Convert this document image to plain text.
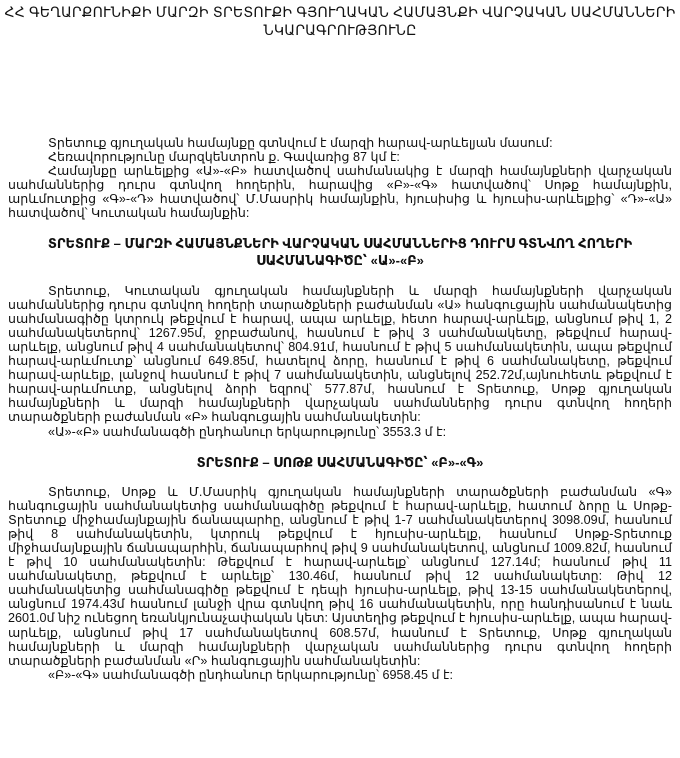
ՀՀ ԳԵՂԱՐՔՈՒՆԻՔԻ ՄԱՐԶԻ ՏՐԵՏՈՒՔԻ ԳՅՈՒՂԱԿԱՆ ՀԱՄԱՅՆՔԻ ՎԱՐՉԱԿԱՆ ՍԱՀՄԱՆՆԵՐԻ ՆԿԱՐԱԳՐՈՒԹՅՈՒՆԸ

Տրետուք գյուղական համայնքը գտնվում է մարզի հարավ-արևելյան մասում:

Հեռավորությունը մարզկենտրոն ք. Գավառից 87 կմ է:

Համայնքը արևելքից «Ա»-«Բ» հատվածով սահմանակից է մարզի համայնքների վարչական սահմաններից դուրս գտնվող հողերին, հարավից «Բ»-«Գ» հատվածով՝ Սոթք համայնքին, արևմուտքից «Գ»-«Դ» հատվածով՝ Մ.Մասրիկ համայնքին, հյուսիսից և հյուսիս-արևելքից՝ «Դ»-«Ա» հատվածով՝ Կուտական համայնքին:

ՏՐԵՏՈՒՔ – ՄԱՐԶԻ ՀԱՄԱՅՆՔՆԵՐԻ ՎԱՐՉԱԿԱՆ ՍԱՀՄԱՆՆԵՐԻՑ ԴՈՒՐՍ ԳՏՆՎՈՂ ՀՈՂԵՐԻ ՍԱՀՄԱՆԱԳԻԾԸ՝ «Ա»-«Բ»

Տրետուք, Կուտական գյուղական համայնքների և մարզի համայնքների վարչական սահմաններից դուրս գտնվող հողերի տարածքների բաժանման «Ա» հանգուցային սահմանակետից սահմանագիծը կտրուկ թեքվում է հարավ, ապա արևելք, հետո հարավ-արևելք, անցնում թիվ 1, 2 սահմանակետերով՝ 1267.95մ, ջրբաժանով, հասնում է թիվ 3 սահմանակետը, թեքվում հարավ-արևելք, անցնում թիվ 4 սահմանակետով՝ 804.91մ, հասնում է թիվ 5 սահմանակետին, ապա թեքվում հարավ-արևմուտք՝ անցնում 649.85մ, հատելով ձորը, հասնում է թիվ 6 սահմանակետը, թեքվում հարավ-արևելք, լանջով հասնում է թիվ 7 սահմանակետին, անցնելով 252.72մ,այնուհետև թեքվում է հարավ-արևմուտք, անցնելով ձորի եզրով՝ 577.87մ, հասնում է Տրետուք, Սոթք գյուղական համայնքների և մարզի համայնքների վարչական սահմաններից դուրս գտնվող հողերի տարածքների բաժանման «Բ» հանգուցային սահմանակետին:

«Ա»-«Բ» սահմանագծի ընդհանուր երկարությունը՝ 3553.3 մ է:

ՏՐԵՏՈՒՔ – ՍՈԹՔ ՍԱՀՄԱՆԱԳԻԾԸ՝ «Բ»-«Գ»

Տրետուք, Սոթք և Մ.Մասրիկ գյուղական համայնքների տարածքների բաժանման «Գ» հանգուցային սահմանակետից սահմանագիծը թեքվում է հարավ-արևելք, հատում ձորը և Սոթք-Տրետուք միջհամայնքային ճանապարհը, անցնում է թիվ 1-7 սահմանակետերով 3098.09մ, հասնում թիվ 8 սահմանակետին, կտրուկ թեքվում է հյուսիս-արևելք, հասնում Սոթք-Տրետուք միջհամայնքային ճանապարհին, ճանապարհով թիվ 9 սահմանակետով, անցնում 1009.82մ, հասնում է թիվ 10 սահմանակետին: Թեքվում է հարավ-արևելք՝ անցնում 127.14մ; հասնում թիվ 11 սահմանակետը, թեքվում է արևելք՝ 130.46մ, հասնում թիվ 12 սահմանակետը: Թիվ 12 սահմանակետից սահմանագիծը թեքվում է դեպի հյուսիս-արևելք, թիվ 13-15 սահմանակետերով, անցնում 1974.43մ հասնում լանջի վրա գտնվող թիվ 16 սահմանակետին, որը հանդիսանում է նաև 2601.0մ նիշ ունեցող եռանկյունաչափական կետ: Այստեղից թեքվում է հյուսիս-արևելք, ապա հարավ-արևելք, անցնում թիվ 17 սահմանակետով 608.57մ, հասնում է Տրետուք, Սոթք գյուղական համայնքների և մարզի համայնքների վարչական սահմաններից դուրս գտնվող հողերի տարածքների բաժանման «Ր» հանգուցային սահմանակետին:

«Բ»-«Գ» սահմանագծի ընդհանուր երկարությունը՝ 6958.45 մ է:
